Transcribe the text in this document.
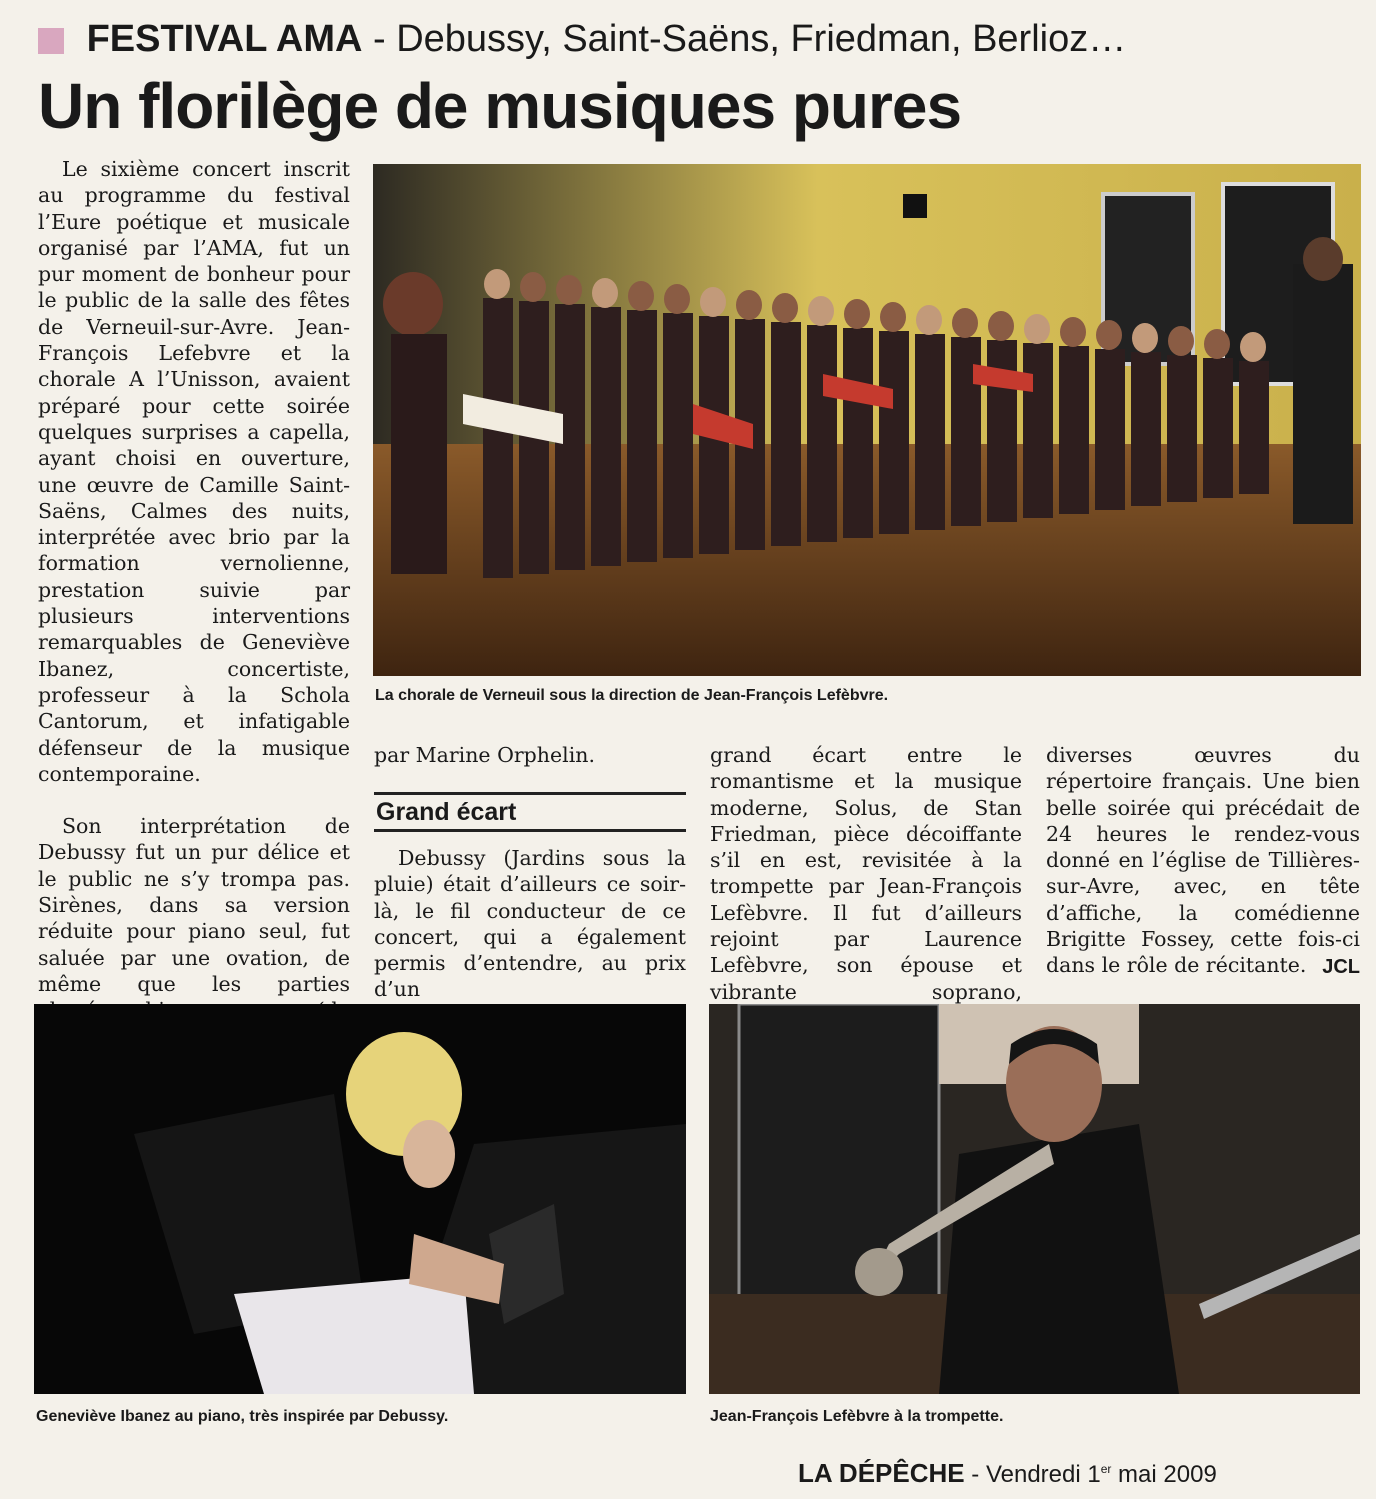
FESTIVAL AMA - Debussy, Saint-Saëns, Friedman, Berlioz…
Un florilège de musiques pures

Le sixième concert inscrit au programme du festival l’Eure poétique et musicale organisé par l’AMA, fut un pur moment de bonheur pour le public de la salle des fêtes de Verneuil-sur-Avre. Jean-François Lefebvre et la chorale A l’Unisson, avaient préparé pour cette soirée quelques surprises a capella, ayant choisi en ouverture, une œuvre de Camille Saint-Saëns, Calmes des nuits, interprétée avec brio par la formation vernolienne, prestation suivie par plusieurs interventions remarquables de Geneviève Ibanez, concertiste, professeur à la Schola Cantorum, et infatigable défenseur de la musique contemporaine.

Son interprétation de Debussy fut un pur délice et le public ne s’y trompa pas. Sirènes, dans sa version réduite pour piano seul, fut saluée par une ovation, de même que les parties

La chorale de Verneuil sous la direction de Jean-François Lefèbvre.
par Marine Orphelin.
Grand écart

Debussy (Jardins sous la pluie) était d’ailleurs ce soir-là, le fil conducteur de ce concert, qui a également permis d’entendre, au prix d’un

grand écart entre le romantisme et la musique moderne, Solus, de Stan Friedman, pièce décoiffante s’il en est, revisitée à la trompette par Jean-François Lefèbvre. Il fut d’ailleurs rejoint par Laurence Lefèbvre, son épouse et vibrante soprano,

diverses œuvres du répertoire français. Une bien belle soirée qui précédait de 24 heures le rendez-vous donné en l’église de Tillières-sur-Avre, avec, en tête d’affiche, la comédienne Brigitte Fossey, cette fois-ci dans le rôle de récitante. JCL
Geneviève Ibanez au piano, très inspirée par Debussy.	Jean-François Lefèbvre à la trompette.
LA DÉPÊCHE - Vendredi 1er mai 2009
